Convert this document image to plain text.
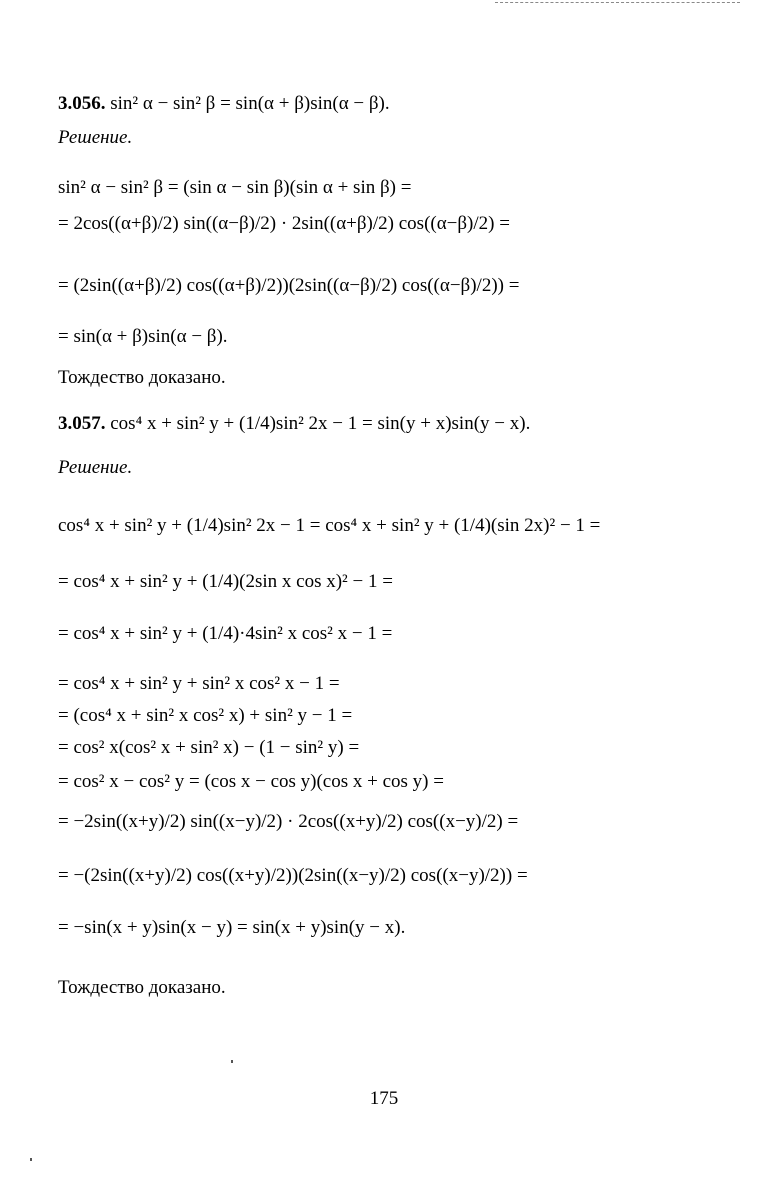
3.056. sin² α − sin² β = sin(α + β)sin(α − β).
Решение.
sin² α − sin² β = (sin α − sin β)(sin α + sin β) =
= 2cos((α+β)/2) sin((α−β)/2) · 2sin((α+β)/2) cos((α−β)/2) =
= (2sin((α+β)/2) cos((α+β)/2))(2sin((α−β)/2) cos((α−β)/2)) =
= sin(α + β)sin(α − β).
Тождество доказано.
3.057. cos⁴ x + sin² y + (1/4)sin² 2x − 1 = sin(y + x)sin(y − x).
Решение.
cos⁴ x + sin² y + (1/4)sin² 2x − 1 = cos⁴ x + sin² y + (1/4)(sin 2x)² − 1 =
= cos⁴ x + sin² y + (1/4)(2sin x cos x)² − 1 =
= cos⁴ x + sin² y + (1/4)·4sin² x cos² x − 1 =
= cos⁴ x + sin² y + sin² x cos² x − 1 =
= (cos⁴ x + sin² x cos² x) + sin² y − 1 =
= cos² x(cos² x + sin² x) − (1 − sin² y) =
= cos² x − cos² y = (cos x − cos y)(cos x + cos y) =
= −2sin((x+y)/2) sin((x−y)/2) · 2cos((x+y)/2) cos((x−y)/2) =
= −(2sin((x+y)/2) cos((x+y)/2))(2sin((x−y)/2) cos((x−y)/2)) =
= −sin(x + y)sin(x − y) = sin(x + y)sin(y − x).
Тождество доказано.
175
